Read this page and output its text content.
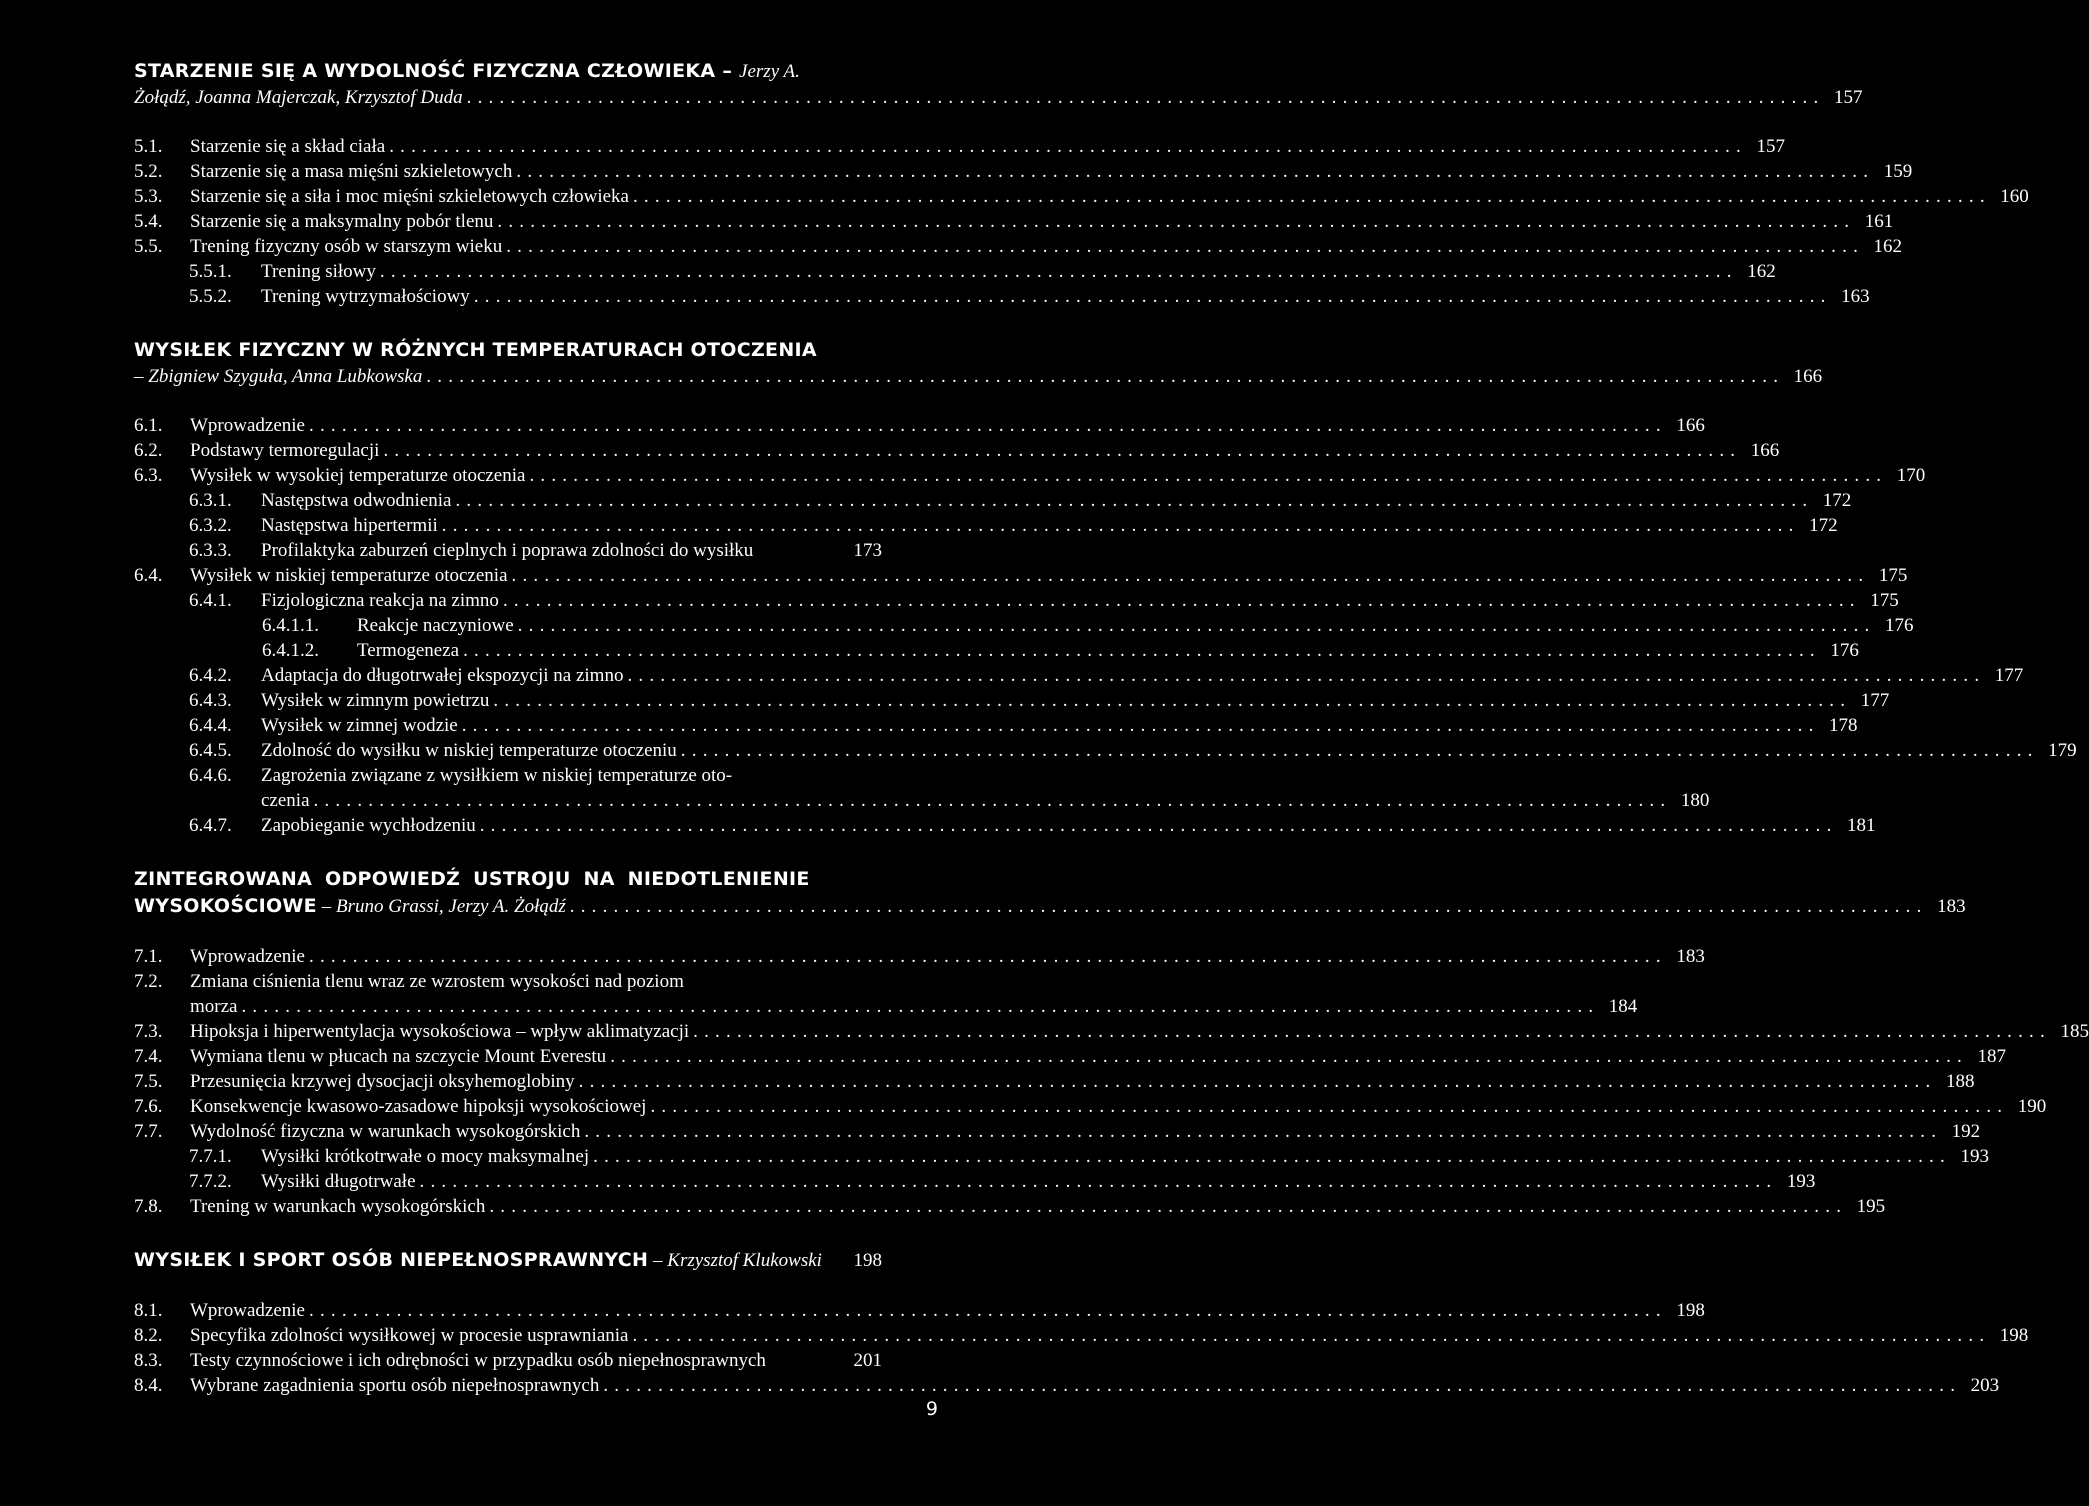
STARZENIE SIĘ A WYDOLNOŚĆ FIZYCZNA CZŁOWIEKA – Jerzy A.
Żołądź, Joanna Majerczak, Krzysztof Duda ............................................................................................................................ 157
5.1.	Starzenie się a skład ciała ............................................................................................................................ 157
5.2.	Starzenie się a masa mięśni szkieletowych ............................................................................................................................ 159
5.3.	Starzenie się a siła i moc mięśni szkieletowych człowieka ............................................................................................................................ 160
5.4.	Starzenie się a maksymalny pobór tlenu ............................................................................................................................ 161
5.5.	Trening fizyczny osób w starszym wieku ............................................................................................................................ 162
5.5.1.	Trening siłowy ............................................................................................................................ 162
5.5.2.	Trening wytrzymałościowy ............................................................................................................................ 163
WYSIŁEK FIZYCZNY W RÓŻNYCH TEMPERATURACH OTOCZENIA
– Zbigniew Szyguła, Anna Lubkowska ............................................................................................................................ 166
6.1.	Wprowadzenie ............................................................................................................................ 166
6.2.	Podstawy termoregulacji ............................................................................................................................ 166
6.3.	Wysiłek w wysokiej temperaturze otoczenia ............................................................................................................................ 170
6.3.1.	Następstwa odwodnienia ............................................................................................................................ 172
6.3.2.	Następstwa hipertermii ............................................................................................................................ 172
6.3.3.	Profilaktyka zaburzeń cieplnych i poprawa zdolności do wysiłku	173
6.4.	Wysiłek w niskiej temperaturze otoczenia ............................................................................................................................ 175
6.4.1.	Fizjologiczna reakcja na zimno ............................................................................................................................ 175
6.4.1.1.	Reakcje naczyniowe ............................................................................................................................ 176
6.4.1.2.	Termogeneza ............................................................................................................................ 176
6.4.2.	Adaptacja do długotrwałej ekspozycji na zimno ............................................................................................................................ 177
6.4.3.	Wysiłek w zimnym powietrzu ............................................................................................................................ 177
6.4.4.	Wysiłek w zimnej wodzie ............................................................................................................................ 178
6.4.5.	Zdolność do wysiłku w niskiej temperaturze otoczeniu ............................................................................................................................ 179
6.4.6.	Zagrożenia związane z wysiłkiem w niskiej temperaturze oto-
czenia ............................................................................................................................ 180
6.4.7.	Zapobieganie wychłodzeniu ............................................................................................................................ 181
ZINTEGROWANA ODPOWIEDŹ USTROJU NA NIEDOTLENIENIE
WYSOKOŚCIOWE – Bruno Grassi, Jerzy A. Żołądź ............................................................................................................................ 183
7.1.	Wprowadzenie ............................................................................................................................ 183
7.2.	Zmiana ciśnienia tlenu wraz ze wzrostem wysokości nad poziom
morza ............................................................................................................................ 184
7.3.	Hipoksja i hiperwentylacja wysokościowa – wpływ aklimatyzacji ............................................................................................................................ 185
7.4.	Wymiana tlenu w płucach na szczycie Mount Everestu ............................................................................................................................ 187
7.5.	Przesunięcia krzywej dysocjacji oksyhemoglobiny ............................................................................................................................ 188
7.6.	Konsekwencje kwasowo-zasadowe hipoksji wysokościowej ............................................................................................................................ 190
7.7.	Wydolność fizyczna w warunkach wysokogórskich ............................................................................................................................ 192
7.7.1.	Wysiłki krótkotrwałe o mocy maksymalnej ............................................................................................................................ 193
7.7.2.	Wysiłki długotrwałe ............................................................................................................................ 193
7.8.	Trening w warunkach wysokogórskich ............................................................................................................................ 195
WYSIŁEK I SPORT OSÓB NIEPEŁNOSPRAWNYCH – Krzysztof Klukowski 198
8.1.	Wprowadzenie ............................................................................................................................ 198
8.2.	Specyfika zdolności wysiłkowej w procesie usprawniania ............................................................................................................................ 198
8.3.	Testy czynnościowe i ich odrębności w przypadku osób niepełnosprawnych	201
8.4.	Wybrane zagadnienia sportu osób niepełnosprawnych ............................................................................................................................ 203
9
